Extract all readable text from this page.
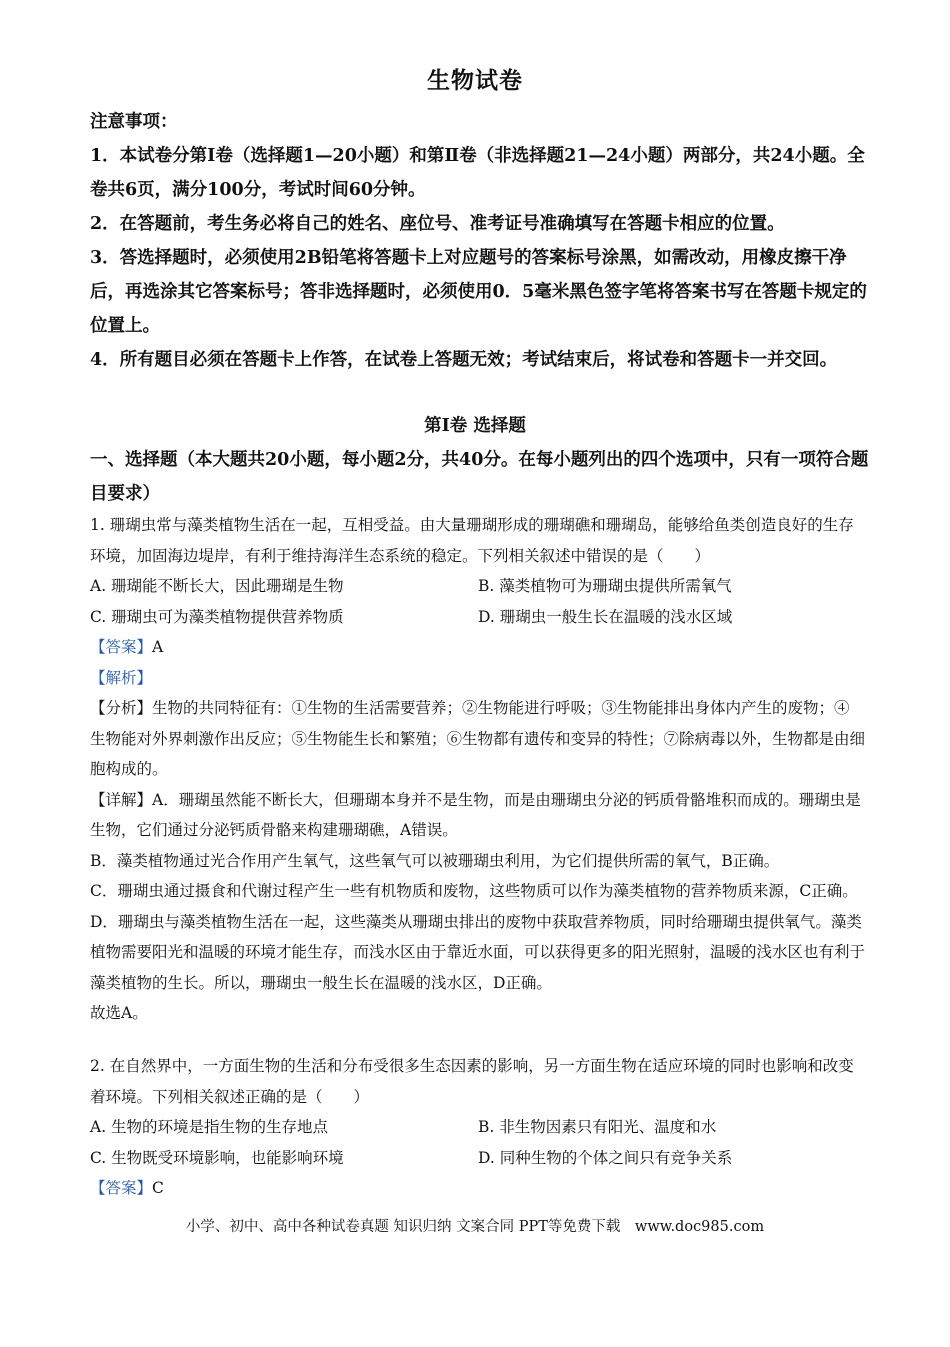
生物试卷

注意事项：

1．本试卷分第Ⅰ卷（选择题1—20小题）和第Ⅱ卷（非选择题21—24小题）两部分，共24小题。全卷共6页，满分100分，考试时间60分钟。

2．在答题前，考生务必将自己的姓名、座位号、准考证号准确填写在答题卡相应的位置。

3．答选择题时，必须使用2B铅笔将答题卡上对应题号的答案标号涂黑，如需改动，用橡皮擦干净后，再选涂其它答案标号；答非选择题时，必须使用0．5毫米黑色签字笔将答案书写在答题卡规定的位置上。

4．所有题目必须在答题卡上作答，在试卷上答题无效；考试结束后，将试卷和答题卡一并交回。

第Ⅰ卷 选择题
一、选择题（本大题共20小题，每小题2分，共40分。在每小题列出的四个选项中，只有一项符合题目要求）

1. 珊瑚虫常与藻类植物生活在一起，互相受益。由大量珊瑚形成的珊瑚礁和珊瑚岛，能够给鱼类创造良好的生存环境，加固海边堤岸，有利于维持海洋生态系统的稳定。下列相关叙述中错误的是（　　）

A. 珊瑚能不断长大，因此珊瑚是生物	B. 藻类植物可为珊瑚虫提供所需氧气
C. 珊瑚虫可为藻类植物提供营养物质	D. 珊瑚虫一般生长在温暖的浅水区域

【答案】A

【解析】

【分析】生物的共同特征有：①生物的生活需要营养；②生物能进行呼吸；③生物能排出身体内产生的废物；④生物能对外界刺激作出反应；⑤生物能生长和繁殖；⑥生物都有遗传和变异的特性；⑦除病毒以外，生物都是由细胞构成的。

【详解】A．珊瑚虽然能不断长大，但珊瑚本身并不是生物，而是由珊瑚虫分泌的钙质骨骼堆积而成的。珊瑚虫是生物，它们通过分泌钙质骨骼来构建珊瑚礁，A错误。

B．藻类植物通过光合作用产生氧气，这些氧气可以被珊瑚虫利用，为它们提供所需的氧气，B正确。

C．珊瑚虫通过摄食和代谢过程产生一些有机物质和废物，这些物质可以作为藻类植物的营养物质来源，C正确。

D．珊瑚虫与藻类植物生活在一起，这些藻类从珊瑚虫排出的废物中获取营养物质，同时给珊瑚虫提供氧气。藻类植物需要阳光和温暖的环境才能生存，而浅水区由于靠近水面，可以获得更多的阳光照射，温暖的浅水区也有利于藻类植物的生长。所以，珊瑚虫一般生长在温暖的浅水区，D正确。

故选A。

2. 在自然界中，一方面生物的生活和分布受很多生态因素的影响，另一方面生物在适应环境的同时也影响和改变着环境。下列相关叙述正确的是（　　）

A. 生物的环境是指生物的生存地点	B. 非生物因素只有阳光、温度和水
C. 生物既受环境影响，也能影响环境	D. 同种生物的个体之间只有竞争关系

【答案】C

小学、初中、高中各种试卷真题 知识归纳 文案合同 PPT等免费下载　www.doc985.com
